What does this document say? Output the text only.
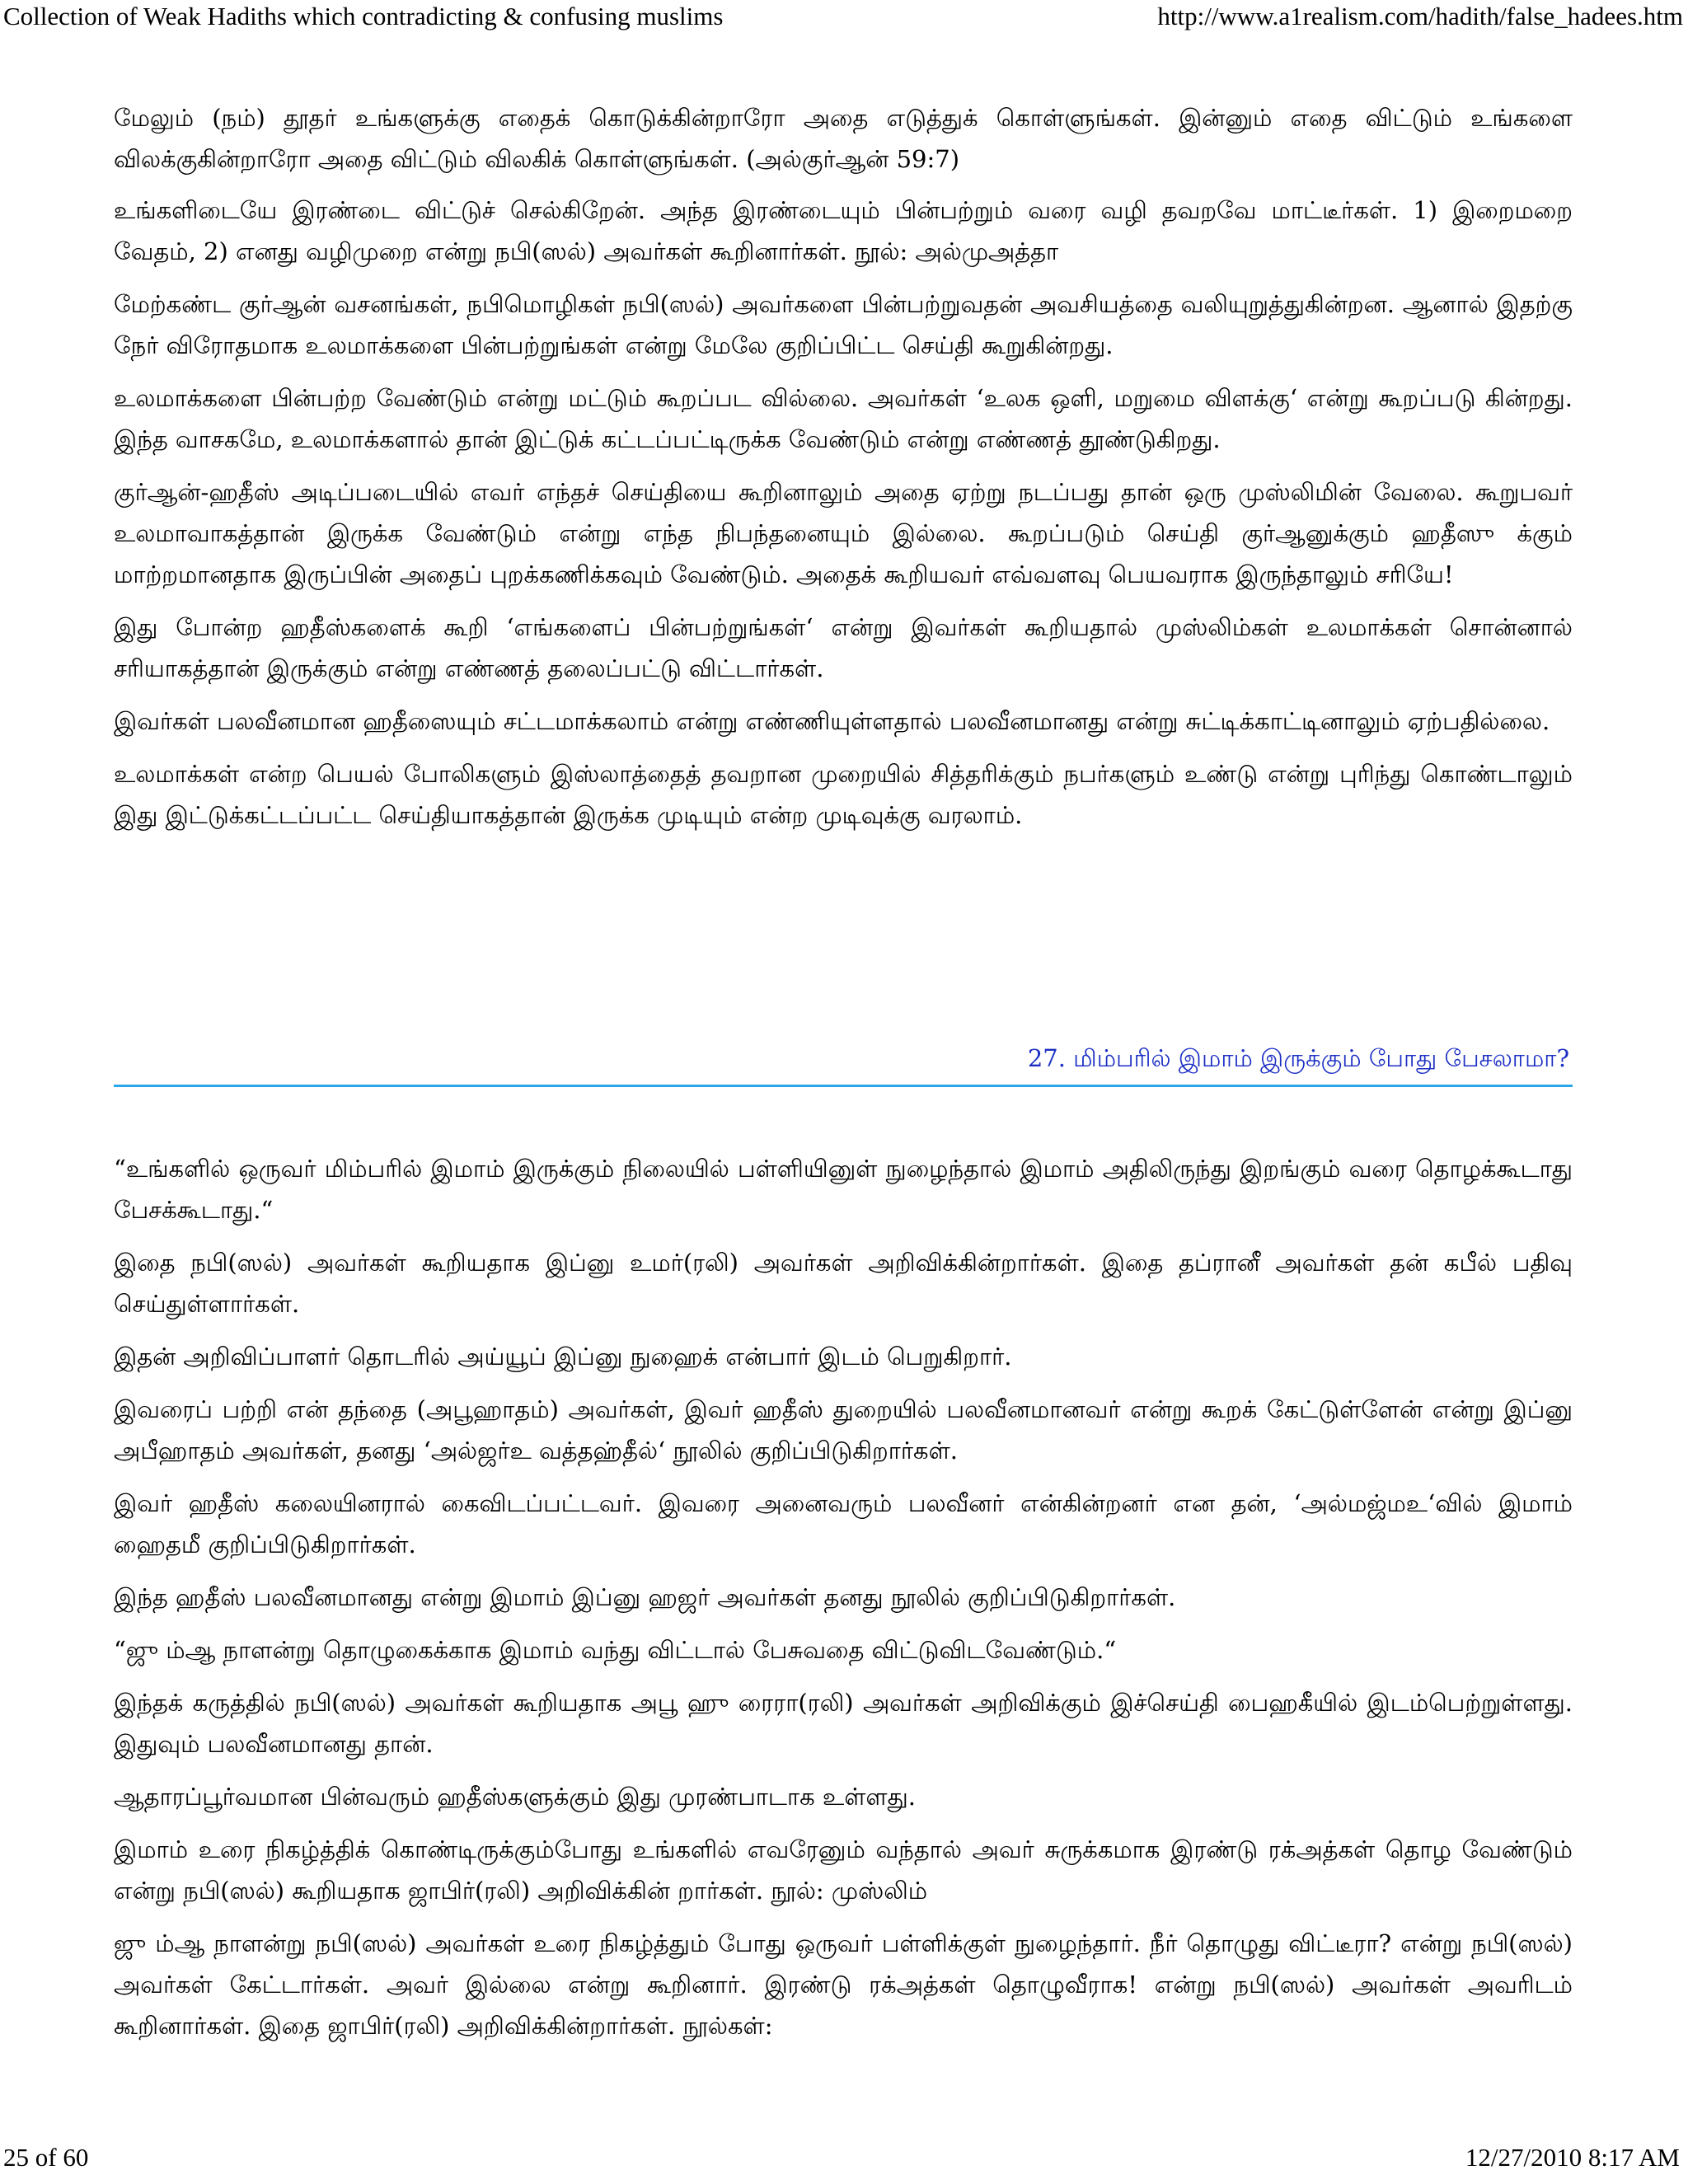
Collection of Weak Hadiths which contradicting & confusing muslims	http://www.a1realism.com/hadith/false_hadees.htm

மேலும் (நம்) தூதர் உங்களுக்கு எதைக் கொடுக்கின்றாரோ அதை எடுத்துக் கொள்ளுங்கள். இன்னும் எதை விட்டும் உங்களை விலக்குகின்றாரோ அதை விட்டும் விலகிக் கொள்ளுங்கள். (அல்குர்ஆன் 59:7)

உங்களிடையே இரண்டை விட்டுச் செல்கிறேன். அந்த இரண்டையும் பின்பற்றும் வரை வழி தவறவே மாட்டீர்கள். 1) இறைமறை வேதம், 2) எனது வழிமுறை என்று நபி(ஸல்) அவர்கள் கூறினார்கள். நூல்: அல்முஅத்தா

மேற்கண்ட குர்ஆன் வசனங்கள், நபிமொழிகள் நபி(ஸல்) அவர்களை பின்பற்றுவதன் அவசியத்தை வலியுறுத்துகின்றன. ஆனால் இதற்கு நேர் விரோதமாக உலமாக்களை பின்பற்றுங்கள் என்று மேலே குறிப்பிட்ட செய்தி கூறுகின்றது.

உலமாக்களை பின்பற்ற வேண்டும் என்று மட்டும் கூறப்பட வில்லை. அவர்கள் ‘உலக ஒளி, மறுமை விளக்கு‘ என்று கூறப்படு கின்றது. இந்த வாசகமே, உலமாக்களால் தான் இட்டுக் கட்டப்பட்டிருக்க வேண்டும் என்று எண்ணத் தூண்டுகிறது.

குர்ஆன்-ஹதீஸ் அடிப்படையில் எவர் எந்தச் செய்தியை கூறினாலும் அதை ஏற்று நடப்பது தான் ஒரு முஸ்லிமின் வேலை. கூறுபவர் உலமாவாகத்தான் இருக்க வேண்டும் என்று எந்த நிபந்தனையும் இல்லை. கூறப்படும் செய்தி குர்ஆனுக்கும் ஹதீஸு க்கும் மாற்றமானதாக இருப்பின் அதைப் புறக்கணிக்கவும் வேண்டும். அதைக் கூறியவர் எவ்வளவு பெயவராக இருந்தாலும் சரியே!

இது போன்ற ஹதீஸ்களைக் கூறி ‘எங்களைப் பின்பற்றுங்கள்‘ என்று இவர்கள் கூறியதால் முஸ்லிம்கள் உலமாக்கள் சொன்னால் சரியாகத்தான் இருக்கும் என்று எண்ணத் தலைப்பட்டு விட்டார்கள்.

இவர்கள் பலவீனமான ஹதீஸையும் சட்டமாக்கலாம் என்று எண்ணியுள்ளதால் பலவீனமானது என்று சுட்டிக்காட்டினாலும் ஏற்பதில்லை.

உலமாக்கள் என்ற பெயல் போலிகளும் இஸ்லாத்தைத் தவறான முறையில் சித்தரிக்கும் நபர்களும் உண்டு என்று புரிந்து கொண்டாலும் இது இட்டுக்கட்டப்பட்ட செய்தியாகத்தான் இருக்க முடியும் என்ற முடிவுக்கு வரலாம்.

27. மிம்பரில் இமாம் இருக்கும் போது பேசலாமா?

“உங்களில் ஒருவர் மிம்பரில் இமாம் இருக்கும் நிலையில் பள்ளியினுள் நுழைந்தால் இமாம் அதிலிருந்து இறங்கும் வரை தொழக்கூடாது பேசக்கூடாது.“

இதை நபி(ஸல்) அவர்கள் கூறியதாக இப்னு உமர்(ரலி) அவர்கள் அறிவிக்கின்றார்கள். இதை தப்ரானீ அவர்கள் தன் கபீல் பதிவு செய்துள்ளார்கள்.

இதன் அறிவிப்பாளர் தொடரில் அய்யூப் இப்னு நுஹைக் என்பார் இடம் பெறுகிறார்.

இவரைப் பற்றி என் தந்தை (அபூஹாதம்) அவர்கள், இவர் ஹதீஸ் துறையில் பலவீனமானவர் என்று கூறக் கேட்டுள்ளேன் என்று இப்னு அபீஹாதம் அவர்கள், தனது ‘அல்ஜர்உ வத்தஹ்தீல்‘ நூலில் குறிப்பிடுகிறார்கள்.

இவர் ஹதீஸ் கலையினரால் கைவிடப்பட்டவர். இவரை அனைவரும் பலவீனர் என்கின்றனர் என தன், ‘அல்மஜ்மஉ‘வில் இமாம் ஹைதமீ குறிப்பிடுகிறார்கள்.

இந்த ஹதீஸ் பலவீனமானது என்று இமாம் இப்னு ஹஜர் அவர்கள் தனது நூலில் குறிப்பிடுகிறார்கள்.

“ஜு ம்ஆ நாளன்று தொழுகைக்காக இமாம் வந்து விட்டால் பேசுவதை விட்டுவிடவேண்டும்.“

இந்தக் கருத்தில் நபி(ஸல்) அவர்கள் கூறியதாக அபூ ஹு ரைரா(ரலி) அவர்கள் அறிவிக்கும் இச்செய்தி பைஹகீயில் இடம்பெற்றுள்ளது. இதுவும் பலவீனமானது தான்.

ஆதாரப்பூர்வமான பின்வரும் ஹதீஸ்களுக்கும் இது முரண்பாடாக உள்ளது.

இமாம் உரை நிகழ்த்திக் கொண்டிருக்கும்போது உங்களில் எவரேனும் வந்தால் அவர் சுருக்கமாக இரண்டு ரக்அத்கள் தொழ வேண்டும் என்று நபி(ஸல்) கூறியதாக ஜாபிர்(ரலி) அறிவிக்கின் றார்கள். நூல்: முஸ்லிம்

ஜு ம்ஆ நாளன்று நபி(ஸல்) அவர்கள் உரை நிகழ்த்தும் போது ஒருவர் பள்ளிக்குள் நுழைந்தார். நீர் தொழுது விட்டீரா? என்று நபி(ஸல்) அவர்கள் கேட்டார்கள். அவர் இல்லை என்று கூறினார். இரண்டு ரக்அத்கள் தொழுவீராக! என்று நபி(ஸல்) அவர்கள் அவரிடம் கூறினார்கள். இதை ஜாபிர்(ரலி) அறிவிக்கின்றார்கள். நூல்கள்:

25 of 60	12/27/2010 8:17 AM
